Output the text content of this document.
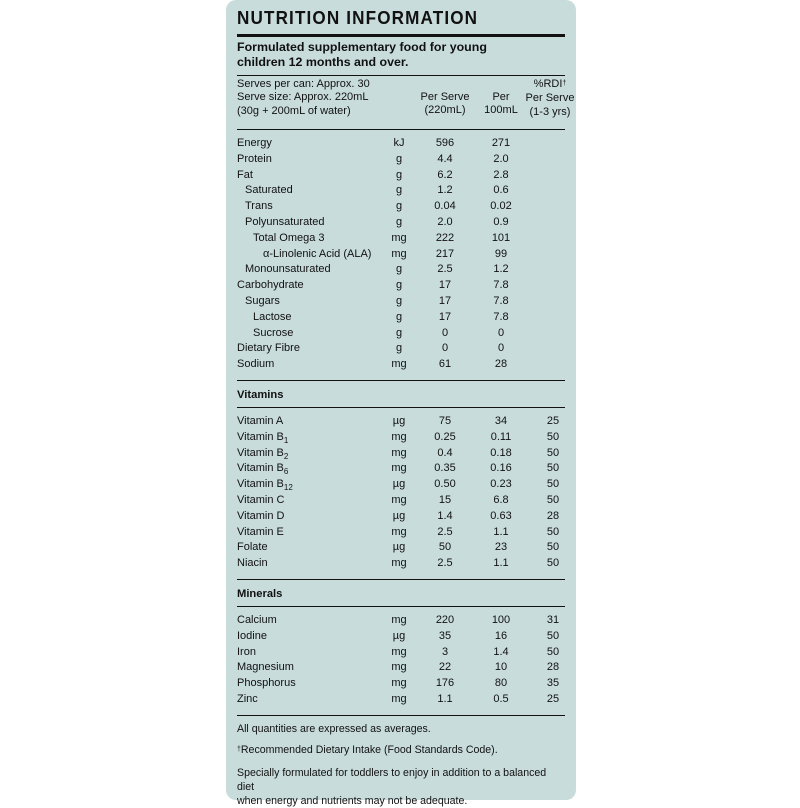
NUTRITION INFORMATION
Formulated supplementary food for young
children 12 months and over.
Serves per can: Approx. 30
Serve size: Approx. 220mL
(30g + 200mL of water)
Per Serve
(220mL)
Per
100mL
%RDI†
Per Serve
(1-3 yrs)
Energy	kJ	596	271
Protein	g	4.4	2.0
Fat	g	6.2	2.8
Saturated	g	1.2	0.6
Trans	g	0.04	0.02
Polyunsaturated	g	2.0	0.9
Total Omega 3	mg	222	101
α-Linolenic Acid (ALA)	mg	217	99
Monounsaturated	g	2.5	1.2
Carbohydrate	g	17	7.8
Sugars	g	17	7.8
Lactose	g	17	7.8
Sucrose	g	0	0
Dietary Fibre	g	0	0
Sodium	mg	61	28
Vitamins
Vitamin A	µg	75	34	25
Vitamin $B_1$	mg	0.25	0.11	50
Vitamin $B_2$	mg	0.4	0.18	50
Vitamin $B_6$	mg	0.35	0.16	50
Vitamin $B_{12}$	µg	0.50	0.23	50
Vitamin C	mg	15	6.8	50
Vitamin D	µg	1.4	0.63	28
Vitamin E	mg	2.5	1.1	50
Folate	µg	50	23	50
Niacin	mg	2.5	1.1	50
Minerals
Calcium	mg	220	100	31
Iodine	µg	35	16	50
Iron	mg	3	1.4	50
Magnesium	mg	22	10	28
Phosphorus	mg	176	80	35
Zinc	mg	1.1	0.5	25

All quantities are expressed as averages.

†Recommended Dietary Intake (Food Standards Code).

Specially formulated for toddlers to enjoy in addition to a balanced diet
when energy and nutrients may not be adequate.
